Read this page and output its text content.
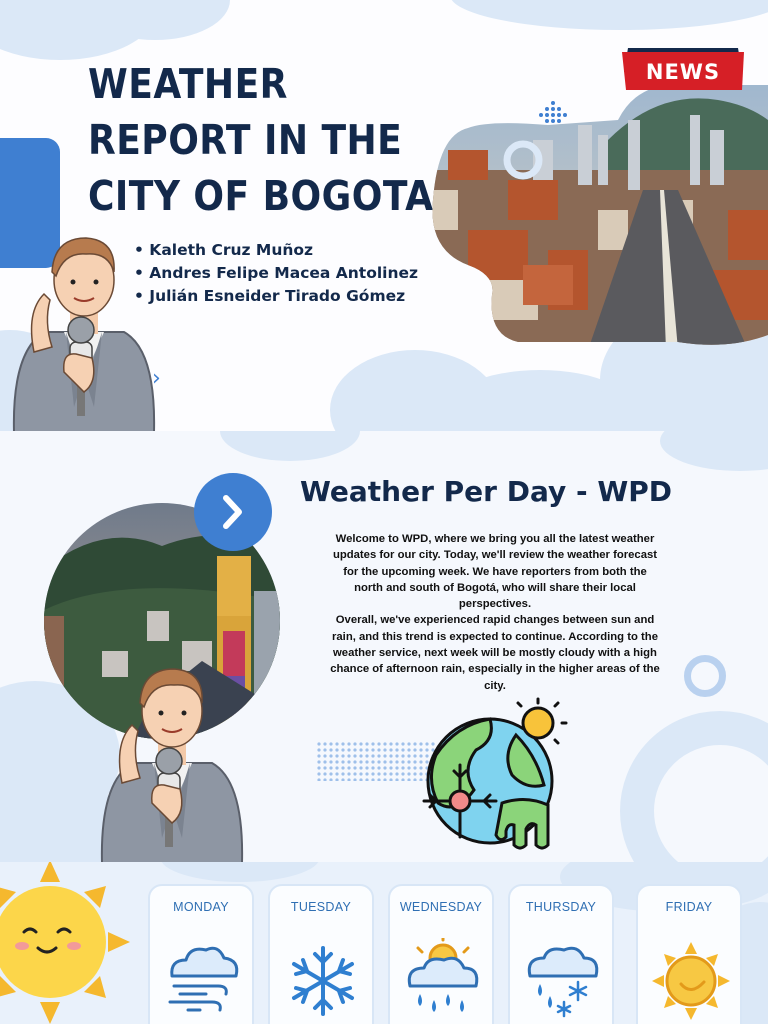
WEATHER
REPORT IN THE
CITY OF BOGOTA
• Kaleth Cruz Muñoz
• Andres Felipe Macea Antolinez
• Julián Esneider Tirado Gómez
NEWS
›
Weather Per Day - WPD

Welcome to WPD, where we bring you all the latest weather updates for our city. Today, we'll review the weather forecast for the upcoming week. We have reporters from both the north and south of Bogotá, who will share their local perspectives.

Overall, we've experienced rapid changes between sun and rain, and this trend is expected to continue. According to the weather service, next week will be mostly cloudy with a high chance of afternoon rain, especially in the higher areas of the city.

MONDAY	TUESDAY	WEDNESDAY	THURSDAY	FRIDAY
